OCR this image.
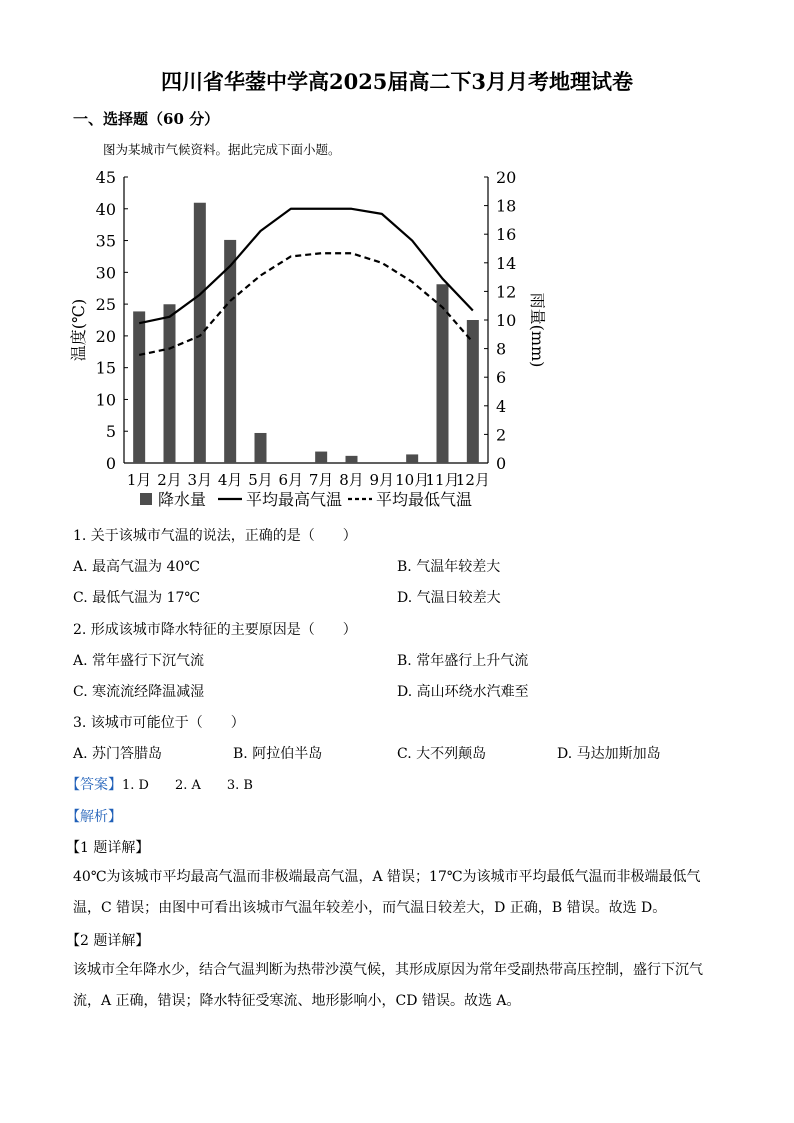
四川省华蓥中学高2025届高二下3月月考地理试卷
一、选择题（60 分）
图为某城市气候资料。据此完成下面小题。
0
5
10
15
20
25
30
35
40
45
0
2
4
6
8
10
12
14
16
18
20
温度(℃)	雨量(mm)
1月 2月 3月 4月 5月 6月 7月 8月 9月 10月
11月
12月
降水量 平均最高气温 平均最低气温
1. 关于该城市气温的说法，正确的是（　　）
A. 最高气温为 40℃	B. 气温年较差大
C. 最低气温为 17℃	D. 气温日较差大
2. 形成该城市降水特征的主要原因是（　　）
A. 常年盛行下沉气流	B. 常年盛行上升气流
C. 寒流流经降温减湿	D. 高山环绕水汽难至
3. 该城市可能位于（　　）
A. 苏门答腊岛	B. 阿拉伯半岛	C. 大不列颠岛	D. 马达加斯加岛
【答案】1. D　　2. A　　3. B
【解析】
【1 题详解】
40℃为该城市平均最高气温而非极端最高气温，A 错误；17℃为该城市平均最低气温而非极端最低气温，C 错误；由图中可看出该城市气温年较差小，而气温日较差大，D 正确，B 错误。故选 D。
【2 题详解】
该城市全年降水少，结合气温判断为热带沙漠气候，其形成原因为常年受副热带高压控制，盛行下沉气流，A 正确，错误；降水特征受寒流、地形影响小，CD 错误。故选 A。
